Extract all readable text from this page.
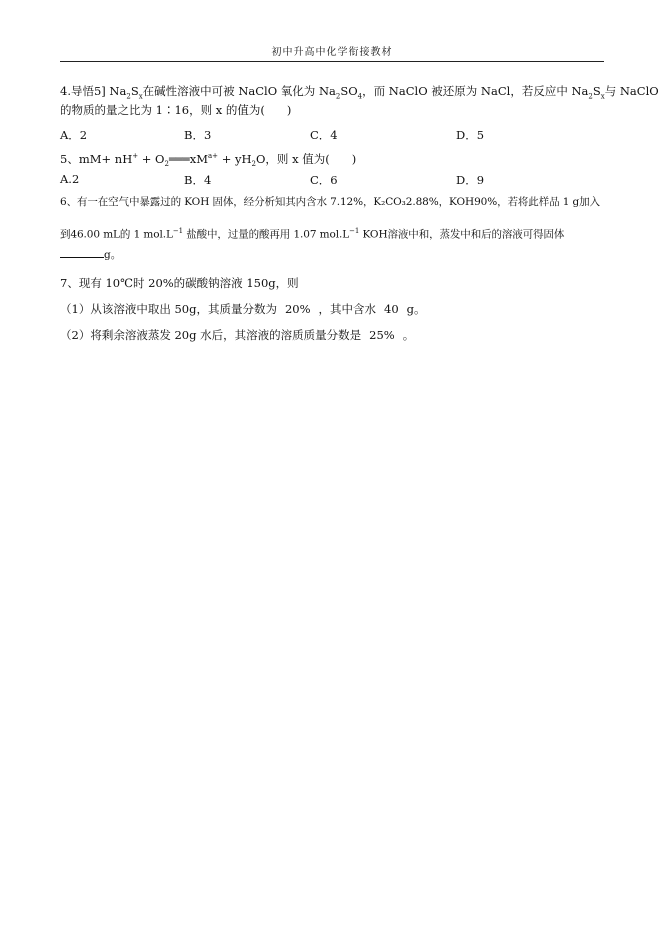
初中升高中化学衔接教材
4.导悟5] $Na_2S_x$在碱性溶液中可被 NaClO 氧化为 $Na_2SO_4$，而 NaClO 被还原为 NaCl，若反应中 $Na_2S_x$与 NaClO
的物质的量之比为 1∶16，则 x 的值为( )
A．2	B．3	C．4	D．5
5、$mM+ nH^+ + O_2═══xM^{a+} + yH_2O$，则 x 值为( )
A.2	B．4	C．6	D．9
6、有一在空气中暴露过的 KOH 固体，经分析知其内含水 7.12%，K₂CO₃2.88%，KOH90%，若将此样品 1 g加入
到46.00 mL的 1 $mol.L^{-1}$ 盐酸中，过量的酸再用 1.07 $mol.L^{-1}$ KOH溶液中和，蒸发中和后的溶液可得固体
g。
7、现有 10℃时 20%的碳酸钠溶液 150g，则
（1）从该溶液中取出 50g，其质量分数为 20% ，其中含水 40 g。
（2）将剩余溶液蒸发 20g 水后，其溶液的溶质质量分数是 25% 。
